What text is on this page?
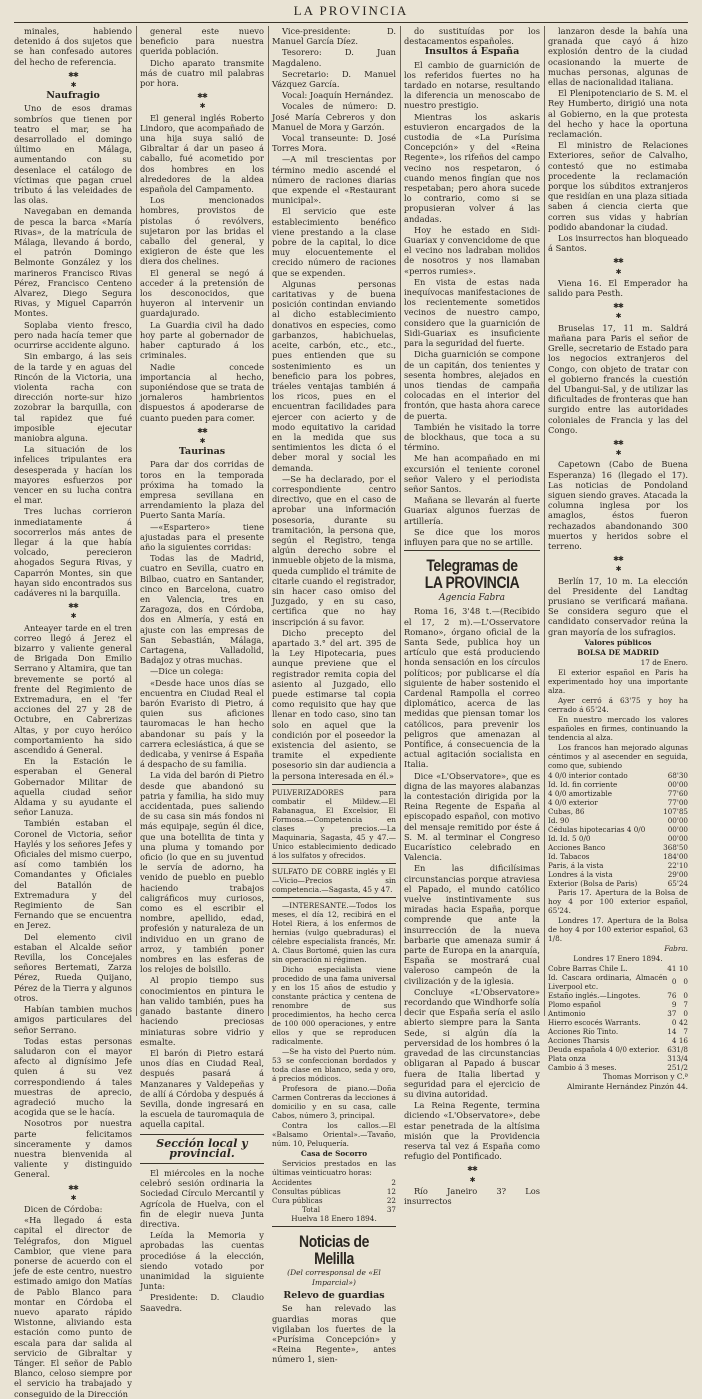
LA PROVINCIA

minales, habiendo detenido á dos sujetos que se han confesado autores del hecho de referencia.

✱✱
✱
Naufragio

Uno de esos dramas sombríos que tienen por teatro el mar, se ha desarrollado el domingo último en Málaga, aumentando con su desenlace el catálogo de víctimas que pagan cruel tributo á las veleidades de las olas.

Navegaban en demanda de pesca la barca «María Rivas», de la matrícula de Málaga, llevando á bordo, el patrón Domingo Belmonte González y los marineros Francisco Rivas Pérez, Francisco Centeno Alvarez, Diego Segura Rivas, y Miguel Caparrón Montes.

Soplaba viento fresco, pero nada hacía temer que ocurrirse accidente alguno.

Sin embargo, á las seis de la tarde y en aguas del Rincón de la Victoria, una violenta racha con dirección norte-sur hizo zozobrar la barquilla, con tal rapidez que fué imposible ejecutar maniobra alguna.

La situación de los infelices tripulantes era desesperada y hacían los mayores esfuerzos por vencer en su lucha contra el mar.

Tres luchas corrieron inmediatamente á socorrerlos más antes de llegar á la que había volcado, perecieron ahogados Segura Rivas, y Caparrón Montes, sin que hayan sido encontrados sus cadáveres ni la barquilla.

✱✱
✱

Anteayer tarde en el tren correo llegó á Jerez el bizarro y valiente general de Brigada Don Emilio Serrano y Altamira, que tan brevemente se portó al frente del Regimiento de Extremadura, en el 'fer acciones del 27 y 28 de Octubre, en Cabrerizas Altas, y por cuyo heróico comportamiento ha sido ascendido á General.

En la Estación le esperaban el General Gobernador Militar de aquella ciudad señor Aldama y su ayudante el señor Lanuza.

También estaban el Coronel de Victoria, señor Haylés y los señores Jefes y Oficiales del mismo cuerpo, así como también los Comandantes y Oficiales del Batallón de Extremadura y del Regimiento de San Fernando que se encuentra en Jerez.

Del elemento civil estaban el Alcalde señor Revilla, los Concejales señores Bertemati, Zarza Pérez, Rueda Quijano, Pérez de la Tierra y algunos otros.

Habían tambien muchos amigos particulares del señor Serrano.

Todas estas personas saludaron con el mayor afecto al dignísimo Jefe quien á su vez correspondiendo á tales muestras de aprecio, agradeció mucho la acogida que se le hacía.

Nosotros por nuestra parte felicitamos sinceramente y damos nuestra bienvenida al valiente y distinguido General.

✱✱
✱

Dicen de Córdoba:

«Ha llegado á esta capital el director de Telégrafos, don Miguel Cambior, que viene para ponerse de acuerdo con el jefe de este centro, nuestro estimado amigo don Matías de Pablo Blanco para montar en Córdoba el nuevo aparato rápido Wistonne, aliviando esta estación como punto de escala para dar salida al servicio de Gibraltar y Tánger. El señor de Pablo Blanco, celoso siempre por el servicio ha trabajado y conseguido de la Dirección

general este nuevo beneficio para nuestra querida población.

Dicho aparato transmite más de cuatro mil palabras por hora.

✱✱
✱

El general inglés Roberto Lindoro, que acompañado de una hija suya salió de Gibraltar á dar un paseo á caballo, fué acometido por dos hombres en los alrededores de la aldea española del Campamento.

Los mencionados hombres, provistos de pistolas ó revólvers, sujetaron por las bridas el caballo del general, y exigieron de éste que les diera dos chelines.

El general se negó á acceder á la pretensión de los desconocidos, que huyeron al intervenir un guardajurado.

La Guardia civil ha dado hoy parte al gobernador de haber capturado á los criminales.

Nadie concede importancia al hecho, suponiéndose que se trata de jornaleros hambrientos dispuestos á apoderarse de cuanto pueden para comer.

✱✱
✱
Taurinas

Para dar dos corridas de toros en la temporada próxima ha tomado la empresa sevillana en arrendamiento la plaza del Puerto Santa María.

—«Espartero» tiene ajustadas para el presente año la siguientes corridas:

Todas las de Madrid, cuatro en Sevilla, cuatro en Bilbao, cuatro en Santander, cinco en Barcelona, cuatro en Valencia, tres en Zaragoza, dos en Córdoba, dos en Almería, y está en ajuste con las empresas de San Sebastián, Málaga, Cartagena, Valladolid, Badajoz y otras muchas.

—Dice un colega:

«Desde hace unos días se encuentra en Ciudad Real el barón Evaristo di Pietro, á quien sus aficiones tauromacas le han hecho abandonar su país y la carrera eclesiástica, á que se dedicaba, y venirse á España á despacho de su familia.

La vida del barón di Pietro desde que abandonó su patria y familia, ha sido muy accidentada, pues saliendo de su casa sin más fondos ni más equipaje, según él dice, que una botellita de tinta y una pluma y tomando por oficio (lo que en su juventud le servía de adorno, ha venido de pueblo en pueblo haciendo trabajos caligráficos muy curiosos, como es el escribir el nombre, apellido, edad, profesión y naturaleza de un individuo en un grano de arroz, y también poner nombres en las esferas de los relojes de bolsillo.

Al propio tiempo sus conocimientos en pintura le han valido también, pues ha ganado bastante dinero haciendo preciosas miniaturas sobre vidrio y esmalte.

El barón di Pietro estará unos días en Ciudad Real, después pasará á Manzanares y Valdepeñas y de allí á Córdoba y después á Sevilla, donde ingresará en la escuela de tauromaquia de aquella capital.

Sección local y provincial.

El miércoles en la noche celebró sesión ordinaria la Sociedad Círculo Mercantil y Agrícola de Huelva, con el fin de elegir nueva Junta directiva.

Leída la Memoria y aprobadas las cuentas procedióse á la elección, siendo votado por unanimidad la siguiente Junta:

Presidente: D. Claudio Saavedra.

Vice-presidente: D. Manuel García Díez.

Tesorero: D. Juan Magdaleno.

Secretario: D. Manuel Vázquez García.

Vocal: Joaquín Hernández.

Vocales de número: D. José María Cebreros y don Manuel de Mora y Garzón.

Vocal transeunte: D. José Torres Mora.

—A mil trescientas por término medio ascendé el número de raciones diarias que expende el «Restaurant municipal».

El servicio que este establecimiento benéfico viene prestando a la clase pobre de la capital, lo dice muy elocuentemente el crecido número de raciones que se expenden.

Algunas personas caritativas y de buena posición contindan enviando al dicho establecimiento donativos en especies, como garbanzos, habichuelas, aceite, carbón, etc., etc., pues entienden que su sostenimiento es un beneficio para los pobres, tráeles ventajas también á los ricos, pues en el encuentran facilidades para ejercer con acierto y de modo equitativo la caridad en la medida que sus sentimientos les dicta ó el deber moral y social les demanda.

—Se ha declarado, por el correspondiente centro directivo, que en el caso de aprobar una información posesoria, durante su tramitación, la persona que, según el Registro, tenga algún derecho sobre el inmueble objeto de la misma, queda cumplido el trámite de citarle cuando el registrador, sin hacer caso omiso del Juzgado, y en su caso, certifica que no hay inscripción á su favor.

Dicho precepto del apartado 3.° del art. 395 de la Ley Hipotecaria, pues aunque previene que el registrador remita copia del asiento al Juzgado, ello puede estimarse tal copia como requisito que hay que llenar en todo caso, sino tan solo en aquel que la condición por el poseedor la existencia del asiento, se tramite el expediente posesorio sin dar audiencia a la persona interesada en él.»

PULVERIZADORES para combatir el Mildew.—El Rabanagua, El Excelsior, El Formosa.—Competencia en clases y precios.—La Maquinaria, Sagasta, 45 y 47.—Unico establecimiento dedicado á los sulfatos y ofrecidos.

SULFATO DE COBRE inglés y El—Vicio—Precios sin competencia.—Sagasta, 45 y 47.

—INTERESANTE.—Todos los meses, el día 12, recibirá en el Hotel Riera, á los enfermos de hernias (vulgo quebraduras) el célebre especialista francés, Mr. A. Claus Bortomé, quien las cura sin operación ni régimen.

Dicho especialista viene procedido de una fama universal y en los 15 años de estudio y constante práctica y centena de renombre de sus procedimientos, ha hecho cerca de 100 000 operaciones, y entre ellos y que se reproducen radicalmente.

—Se ha visto del Puerto núm. 53 se confeccionan bordados y toda clase en blanco, seda y oro, á precios módicos.

Profesora de piano.—Doña Carmen Contreras da lecciones á domicilio y en su casa, calle Cabos, número 3, principal.

Contra los callos.—El «Balsamo Oriental».—Tavaño, núm. 10, Peluquería.

Casa de Socorro

Servicios prestados en las últimas veinticuatro horas:

Accidentes	2
Consultas públicas	12
Cura públicas	22
Total	37

Huelva 18 Enero 1894.

Noticias de Melilla
(Del corresponsal de «El Imparcial»)
Relevo de guardias

Se han relevado las guardias moras que vigilaban los fuertes de la «Purísima Concepción» y «Reina Regente», antes número 1, sien-

do sustituídas por los destacamentos españoles.

Insultos á España

El cambio de guarnición de los referidos fuertes no ha tardado en notarse, resultando la diferencia un menoscabo de nuestro prestigio.

Mientras los askaris estuvieron encargados de la custodia de «La Purísima Concepción» y del «Reina Regente», los rifeños del campo vecino nos respetaron, ó cuando menos fingían que nos respetaban; pero ahora sucede lo contrario, como si se propusieran volver á las andadas.

Hoy he estado en Sidi-Guariax y convencidome de que el vecino nos ladraban molidos de nosotros y nos llamaban «perros rumies».

En vista de estas nada inequívocas manifestaciones de los recientemente sometidos vecinos de nuestro campo, considero que la guarnición de Sidi-Guariax es insuficiente para la seguridad del fuerte.

Dicha guarnición se compone de un capitán, dos tenientes y sesenta hombres, alejados en unos tiendas de campaña colocadas en el interior del frontón, que hasta ahora carece de puerta.

También he visitado la torre de blockhaus, que toca a su término.

Me han acompañado en mi excursión el teniente coronel señor Valero y el periodista señor Santos.

Mañana se llevarán al fuerte Guariax algunos fuerzas de artillería.

Se dice que los moros influyen para que no se artille.

Telegramas de LA PROVINCIA
Agencia Fabra

Roma 16, 3'48 t.—(Recibido el 17, 2 m).—L'Osservatore Romano», órgano oficial de la Santa Sede, publica hoy un artículo que está produciendo honda sensación en los círculos políticos; por publicarse el día siguiente de haber sostenido el Cardenal Rampolla el correo diplomático, acerca de las medidas que piensan tomar los católicos, para prevenir los peligros que amenazan al Pontífice, á consecuencia de la actual agitación socialista en Italia.

Dice «L'Observatore», que es digna de las mayores alabanzas la contestación dirigida por la Reina Regente de España al episcopado español, con motivo del mensaje remitido por éste á S. M. al terminar el Congreso Eucarístico celebrado en Valencia.

En las dificilísimas circunstancias porque atraviesa el Papado, el mundo católico vuelve instintivamente sus miradas hacia España, porque comprende que ante la insurrección de la nueva barbarie que amenaza sumir á parte de Europa en la anarquía, España se mostrará cual valeroso campeón de la civilización y de la iglesia.

Concluye «L'Observatore» recordando que Windhorfe solía decir que España sería el asilo abierto siempre para la Santa Sede, si algún día la perversidad de los hombres ó la gravedad de las circunstancias obligaran al Papado á buscar fuera de Italia libertad y seguridad para el ejercicio de su divina autoridad.

La Reina Regente, termina diciendo «L'Observatore», debe estar penetrada de la altísima misión que la Providencia reserva tal vez á España como refugio del Pontificado.

✱✱
✱

Río Janeiro 3? Los insurrectos

lanzaron desde la bahía una granada que cayó á hizo explosión dentro de la ciudad ocasionando la muerte de muchas personas, algunas de ellas de nacionalidad italiana.

El Plenipotenciario de S. M. el Rey Humberto, dirigió una nota al Gobierno, en la que protesta del hecho y hace la oportuna reclamación.

El ministro de Relaciones Exteriores, señor de Calvalho, contestó que no estimaba procedente la reclamación porque los súbditos extranjeros que residían en una plaza sitiada saben á ciencia cierta que corren sus vidas y habrían podido abandonar la ciudad.

Los insurrectos han bloqueado á Santos.

✱✱
✱

Viena 16. El Emperador ha salido para Pesth.

✱✱
✱

Bruselas 17, 11 m. Saldrá mañana para Paris el señor de Grelle, secretario de Estado para los negocios extranjeros del Congo, con objeto de tratar con el gobierno francés la cuestión del Ubangui-Sal, y de utilizar las dificultades de fronteras que han surgido entre las autoridades coloniales de Francia y las del Congo.

✱✱
✱

Capetown (Cabo de Buena Esperanza) 16 (llegado el 17). Las noticias de Pondoland siguen siendo graves. Atacada la columna inglesa por los amaglos, éstos fueron rechazados abandonando 300 muertos y heridos sobre el terreno.

✱✱
✱

Berlín 17, 10 m. La elección del Presidente del Landtag prusiano se verificará mañana. Se considera seguro que el candidato conservador reúna la gran mayoría de los sufragios.

Valores públicos

BOLSA DE MADRID

17 de Enero.

El exterior español en Paris ha experimentado hoy una importante alza.

Ayer cerró á 63'75 y hoy ha cerrado á 65'24.

En nuestro mercado los valores españoles en firmes, continuando la tendencia al alza.

Los francos han mejorado algunas céntimos y al asecender en seguida, como que, subiendo

4 0/0 interior contado	68'30
Id. Id. fin corriente	00'00
4 0/0 amortizable	77'60
4 0/0 exterior	77'00
Cubas, 86	107'85
Id. 90	00'00
Cédulas hipotecarias 4 0/0	00'00
Id. Id. 5 0/0	00'00
Acciones Banco	368'50
Id. Tabacos	184'00
Paris, á la vista	22'10
Londres á la vista	29'00
Exterior (Bolsa de Paris)	65'24

Paris 17. Apertura de la Bolsa de hoy 4 por 100 exterior español, 65'24.

Londres 17. Apertura de la Bolsa de hoy 4 por 100 exterior español, 63 1/8.

Fabra.

Londres 17 Enero 1894.

Cobre Barras Chile L.	41	10
Id. Cascara ordinaria, Almacén Liverpool etc.	0	0
Estaño inglés.—Lingotes.	76	0
Plomo español	9	7
Antimonio	37	0
Hierro escocés Warrants.	0	42
Acciones Río Tinto.	14	7
Acciones Tharsis	4	16
Deuda española 4 0/0 exterior.	63	1/8
Plata onza	31	3/4
Cambio á 3 meses.	25	1/2

Thomas Morrison y C.ª

Almirante Hernández Pinzón 44.
